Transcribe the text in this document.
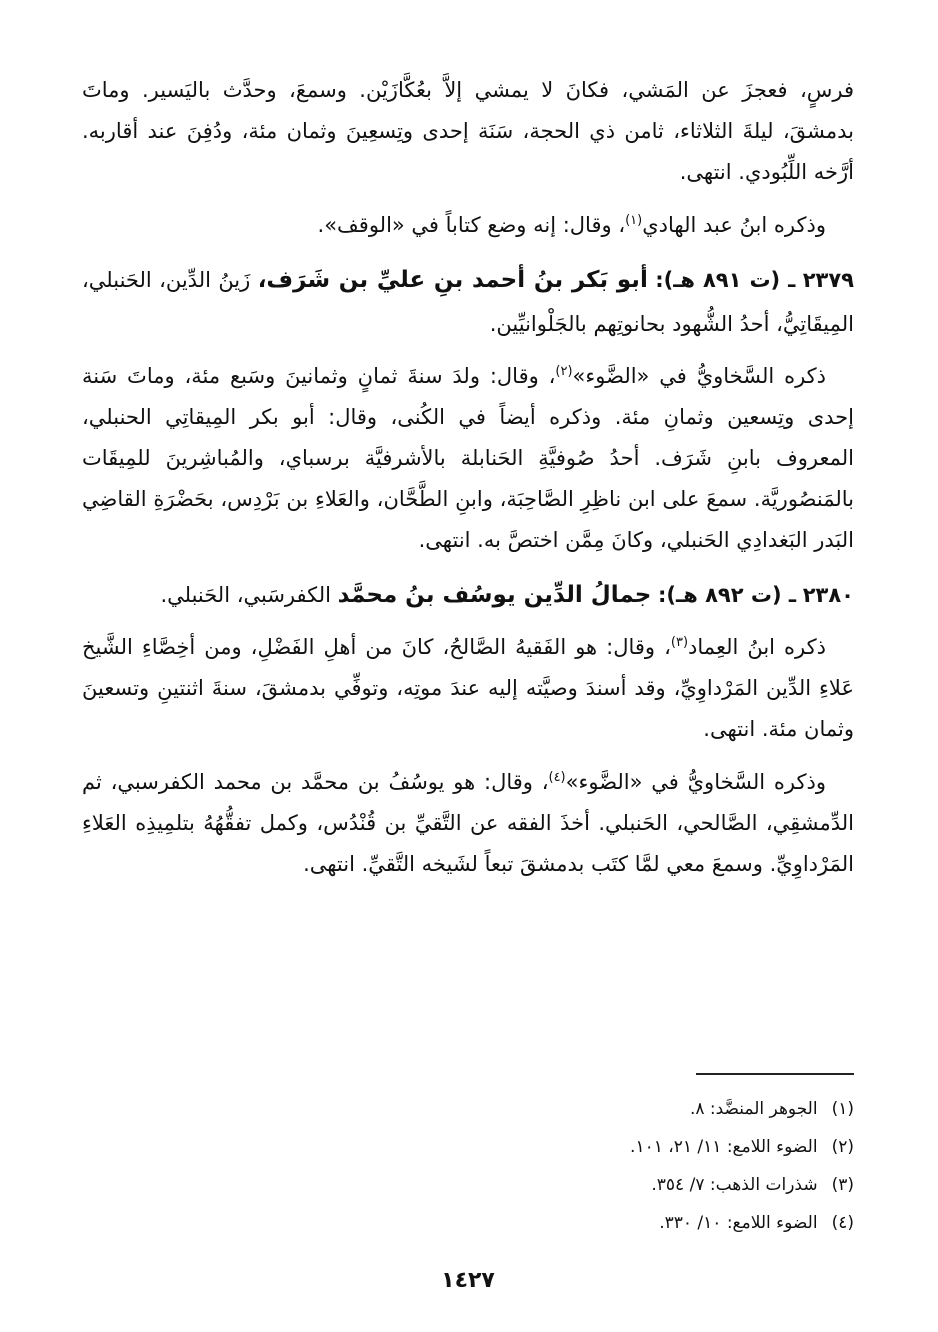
فرسٍ، فعجزَ عن المَشي، فكانَ لا يمشي إلاَّ بعُكَّازَيْن. وسمعَ، وحدَّث باليَسير. وماتَ بدمشقَ، ليلةَ الثلاثاء، ثامن ذي الحجة، سَنَة إحدى وتِسعِينَ وثمان مئة، ودُفِنَ عند أقاربه. أرَّخه اللِّبُودي. انتهى.

وذكره ابنُ عبد الهادي$^{(١)}$، وقال: إنه وضع كتاباً في «الوقف».

٢٣٧٩ ـ (ت ٨٩١ هـ): أبو بَكر بنُ أحمد بنِ عليِّ بن شَرَف، زَينُ الدِّين، الحَنبلي، المِيقَاتِيُّ، أحدُ الشُّهود بحانوتِهم بالجَلْوانيِّين.

ذكره السَّخاويُّ في «الضَّوء»$^{(٢)}$، وقال: ولدَ سنةَ ثمانٍ وثمانينَ وسَبع مئة، وماتَ سَنة إحدى وتِسعين وثمانِ مئة. وذكره أيضاً في الكُنى، وقال: أبو بكر المِيقاتِي الحنبلي، المعروف بابنِ شَرَف. أحدُ صُوفيَّةِ الحَنابلة بالأشرفيَّة برسباي، والمُباشِرينَ للمِيقَات بالمَنصُوريَّة. سمعَ على ابن ناظِرِ الصَّاحِبَة، وابنِ الطَّحَّان، والعَلاءِ بن بَرْدِس، بحَضْرَةِ القاضِي البَدر البَغدادِي الحَنبلي، وكانَ مِمَّن اختصَّ به. انتهى.

٢٣٨٠ ـ (ت ٨٩٢ هـ): جمالُ الدِّين يوسُف بنُ محمَّد الكفرسَبي، الحَنبلي.

ذكره ابنُ العِماد$^{(٣)}$، وقال: هو الفَقيهُ الصَّالحُ، كانَ من أهلِ الفَضْلِ، ومن أخِصَّاءِ الشَّيخ عَلاءِ الدِّين المَرْداوِيِّ، وقد أسندَ وصيَّته إليه عندَ موتِه، وتوفِّي بدمشقَ، سنةَ اثنتينِ وتسعينَ وثمان مئة. انتهى.

وذكره السَّخاويُّ في «الضَّوء»$^{(٤)}$، وقال: هو يوسُفُ بن محمَّد بن محمد الكفرسبي، ثم الدِّمشقِي، الصَّالحي، الحَنبلي. أخذَ الفقه عن التَّقيِّ بن قُنْدُس، وكمل تفقُّهُهُ بتلمِيذِه العَلاءِ المَرْداوِيِّ. وسمعَ معي لمَّا كتَب بدمشقَ تبعاً لشَيخه التَّقيِّ. انتهى.

(١)الجوهر المنضَّد: ٨.
(٢)الضوء اللامع: ١١/ ٢١، ١٠١.
(٣)شذرات الذهب: ٧/ ٣٥٤.
(٤)الضوء اللامع: ١٠/ ٣٣٠.
١٤٢٧
